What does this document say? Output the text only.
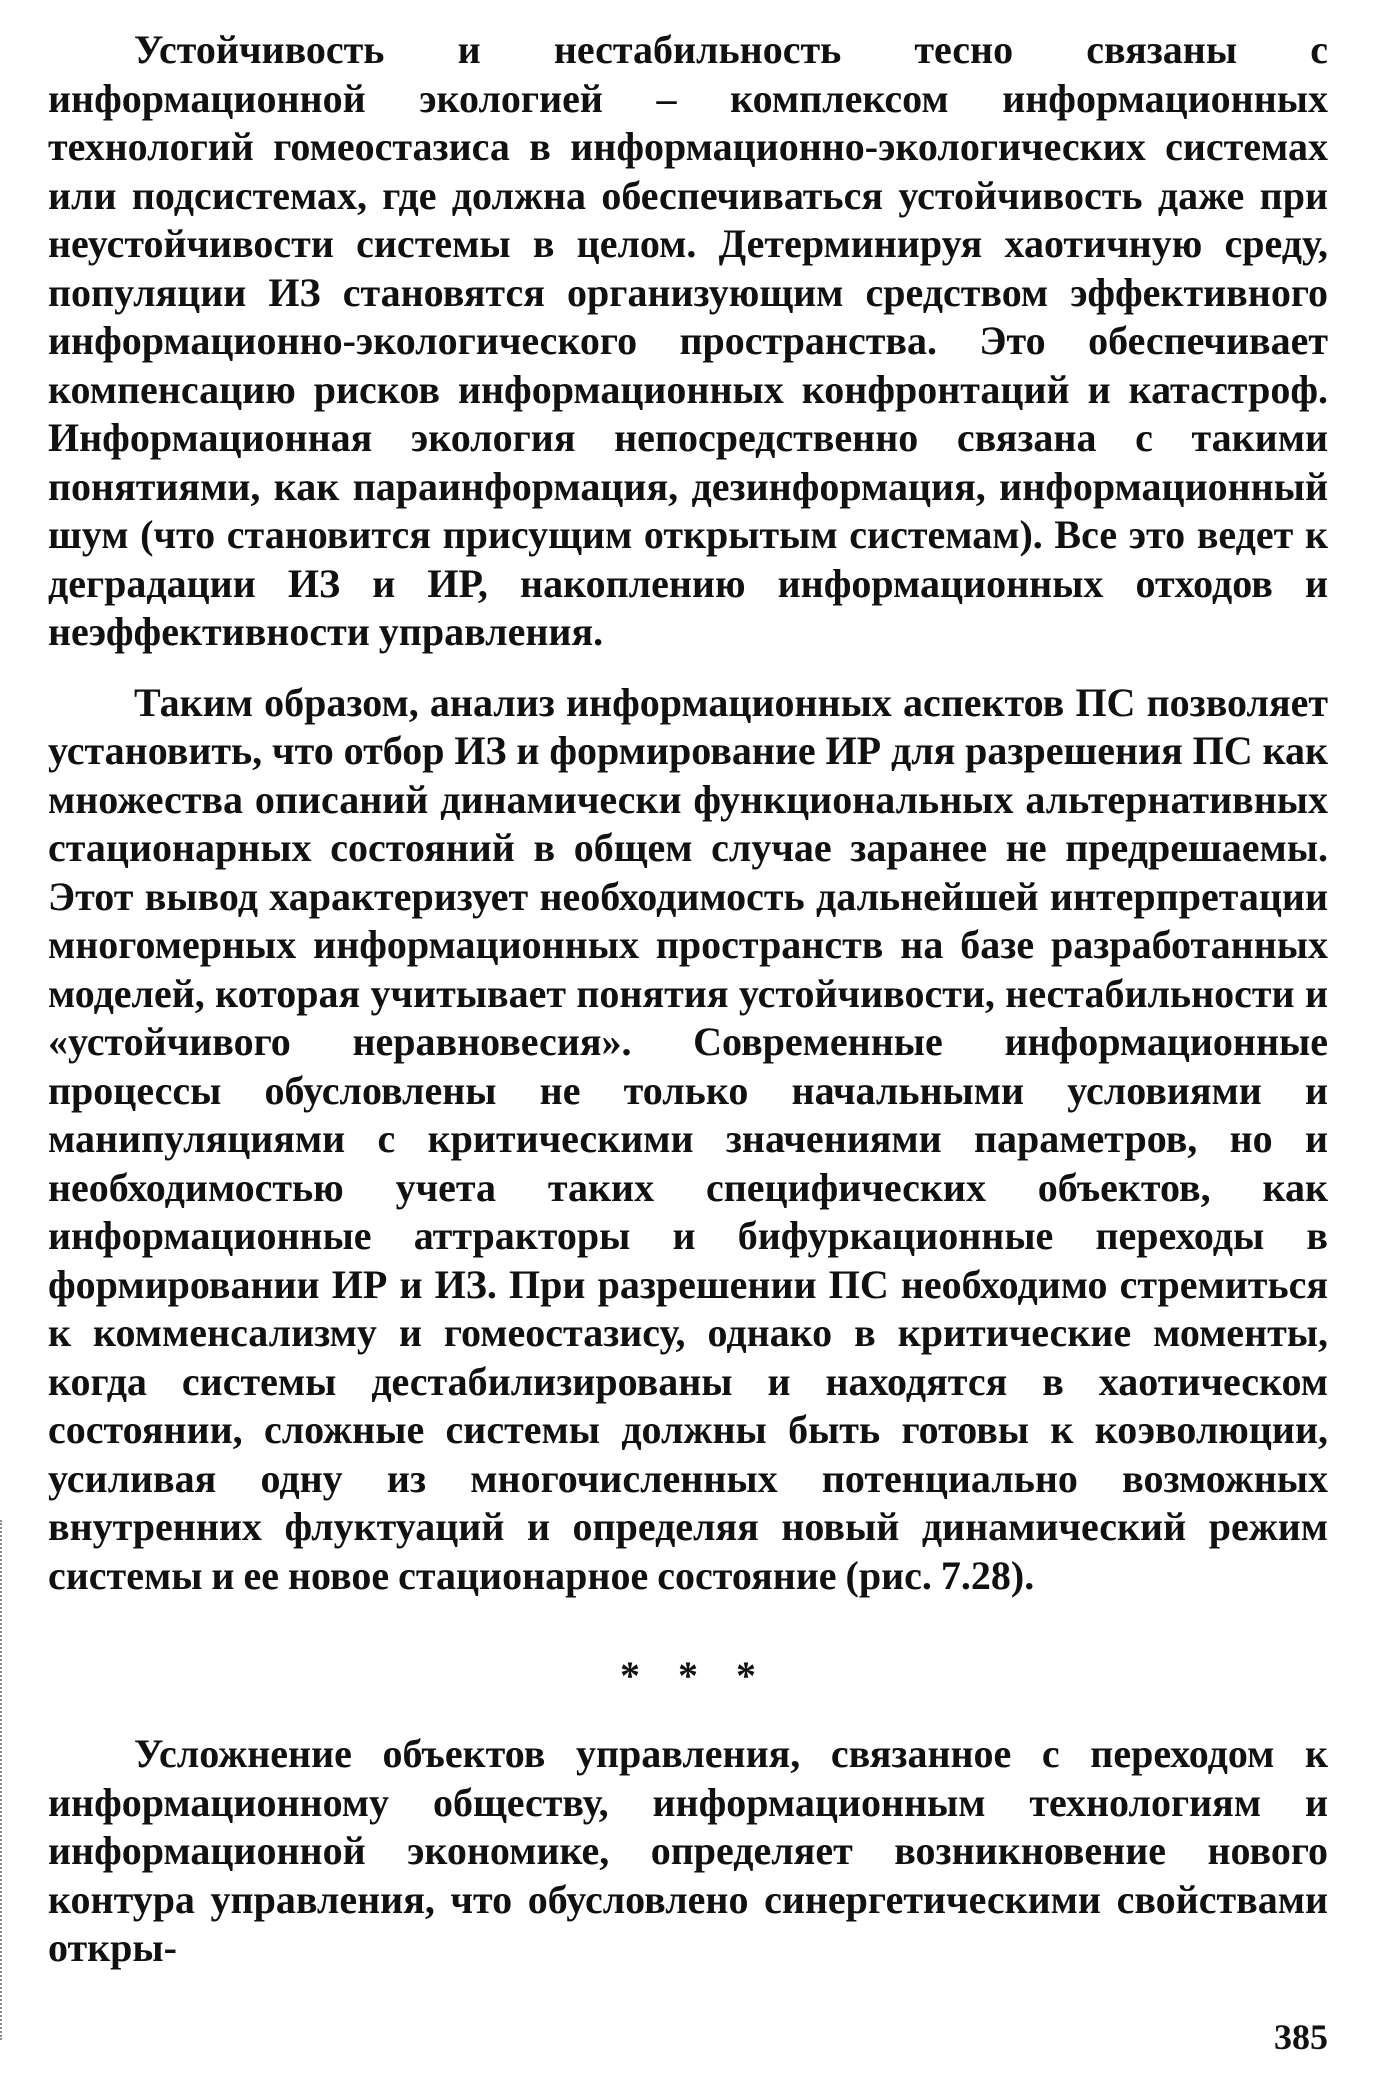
Устойчивость и нестабильность тесно связаны с информационной экологией – комплексом информационных технологий гомеостазиса в информационно-экологических системах или подсистемах, где должна обеспечиваться устойчивость даже при неустойчивости системы в целом. Детерминируя хаотичную среду, популяции ИЗ становятся организующим средством эффективного информационно-экологического пространства. Это обеспечивает компенсацию рисков информационных конфронтаций и катастроф. Информационная экология непосредственно связана с такими понятиями, как параинформация, дезинформация, информационный шум (что становится присущим открытым системам). Все это ведет к деградации ИЗ и ИР, накоплению информационных отходов и неэффективности управления.

Таким образом, анализ информационных аспектов ПС позволяет установить, что отбор ИЗ и формирование ИР для разрешения ПС как множества описаний динамически функциональных альтернативных стационарных состояний в общем случае заранее не предрешаемы. Этот вывод характеризует необходимость дальнейшей интерпретации многомерных информационных пространств на базе разработанных моделей, которая учитывает понятия устойчивости, нестабильности и «устойчивого неравновесия». Современные информационные процессы обусловлены не только начальными условиями и манипуляциями с критическими значениями параметров, но и необходимостью учета таких специфических объектов, как информационные аттракторы и бифуркационные переходы в формировании ИР и ИЗ. При разрешении ПС необходимо стремиться к комменсализму и гомеостазису, однако в критические моменты, когда системы дестабилизированы и находятся в хаотическом состоянии, сложные системы должны быть готовы к коэволюции, усиливая одну из многочисленных потенциально возможных внутренних флуктуаций и определяя новый динамический режим системы и ее новое стационарное состояние (рис. 7.28).

* * *

Усложнение объектов управления, связанное с переходом к информационному обществу, информационным технологиям и информационной экономике, определяет возникновение нового контура управления, что обусловлено синергетическими свойствами откры-

385
